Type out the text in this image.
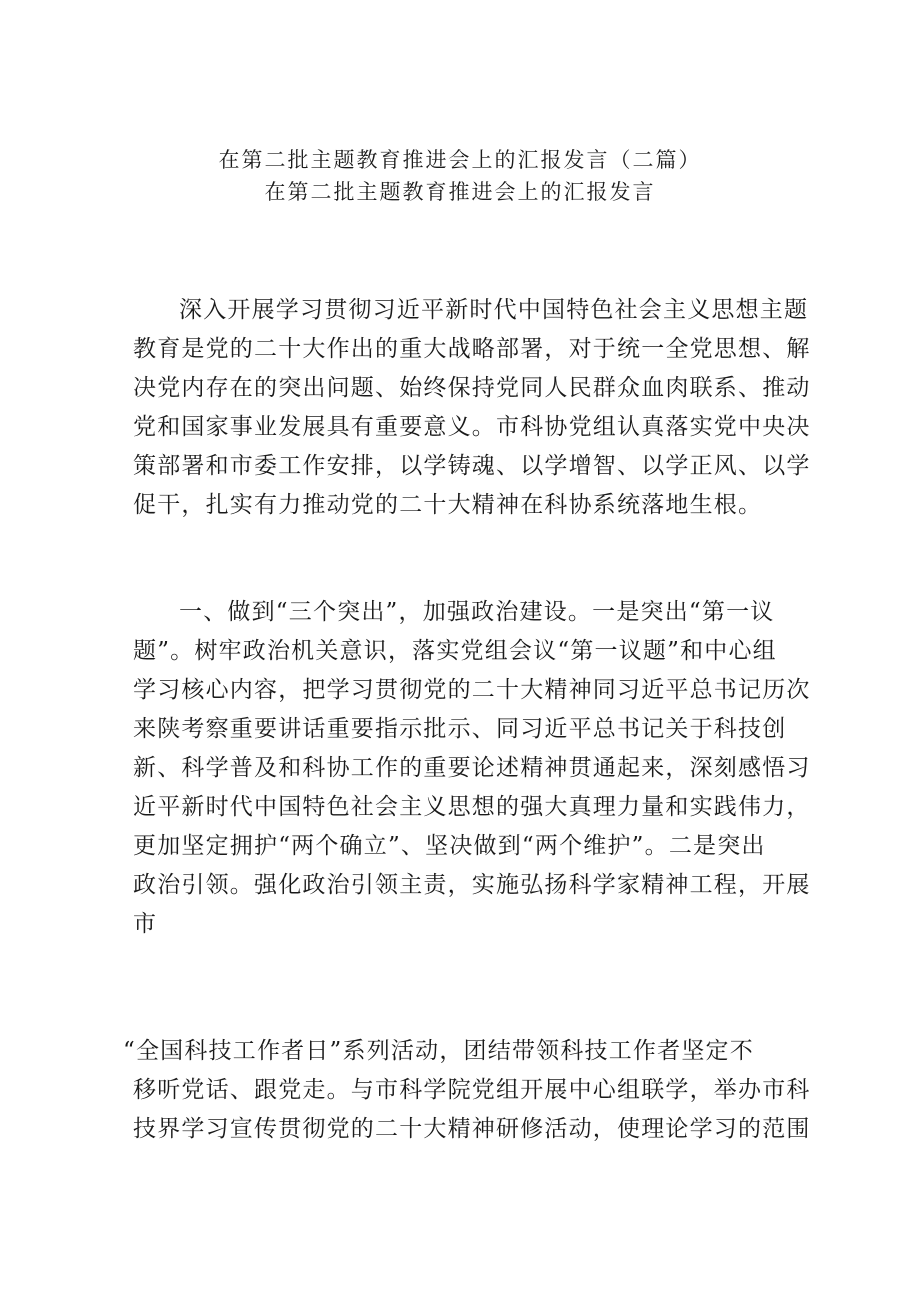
在第二批主题教育推进会上的汇报发言（二篇）
在第二批主题教育推进会上的汇报发言
深入开展学习贯彻习近平新时代中国特色社会主义思想主题
教育是党的二十大作出的重大战略部署，对于统一全党思想、解
决党内存在的突出问题、始终保持党同人民群众血肉联系、推动
党和国家事业发展具有重要意义。市科协党组认真落实党中央决
策部署和市委工作安排，以学铸魂、以学增智、以学正风、以学
促干，扎实有力推动党的二十大精神在科协系统落地生根。
一、做到“三个突出”，加强政治建设。一是突出“第一议
题”。树牢政治机关意识，落实党组会议“第一议题”和中心组
学习核心内容，把学习贯彻党的二十大精神同习近平总书记历次
来陕考察重要讲话重要指示批示、同习近平总书记关于科技创
新、科学普及和科协工作的重要论述精神贯通起来，深刻感悟习
近平新时代中国特色社会主义思想的强大真理力量和实践伟力，
更加坚定拥护“两个确立”、坚决做到“两个维护”。二是突出
政治引领。强化政治引领主责，实施弘扬科学家精神工程，开展
市
“全国科技工作者日”系列活动，团结带领科技工作者坚定不
移听党话、跟党走。与市科学院党组开展中心组联学，举办市科
技界学习宣传贯彻党的二十大精神研修活动，使理论学习的范围
